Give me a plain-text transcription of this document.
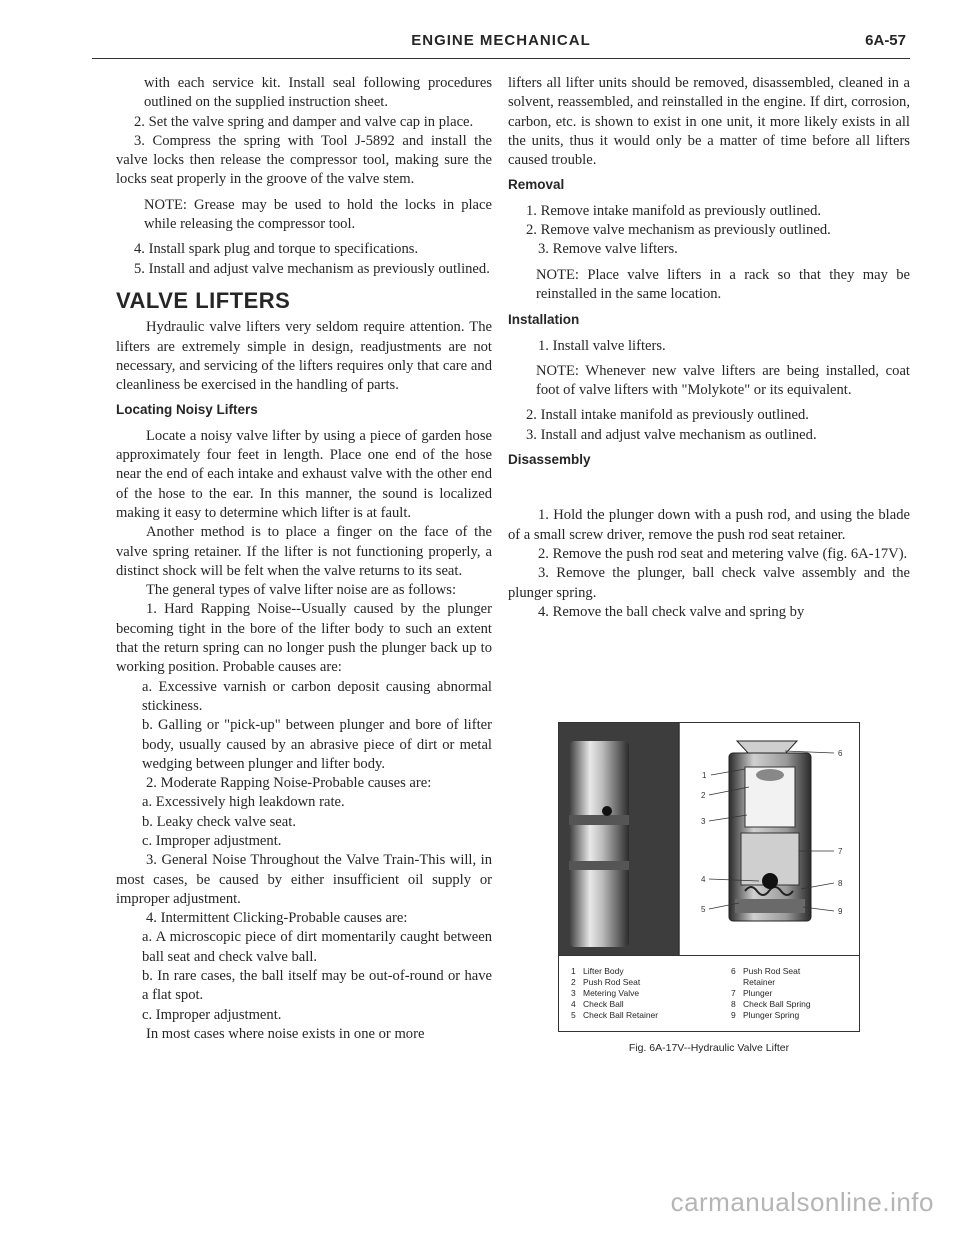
ENGINE MECHANICAL	6A-57

with each service kit. Install seal following procedures outlined on the supplied instruction sheet.

2. Set the valve spring and damper and valve cap in place.

3. Compress the spring with Tool J-5892 and install the valve locks then release the compressor tool, making sure the locks seat properly in the groove of the valve stem.

NOTE: Grease may be used to hold the locks in place while releasing the compressor tool.

4. Install spark plug and torque to specifications.

5. Install and adjust valve mechanism as previously outlined.

VALVE LIFTERS

Hydraulic valve lifters very seldom require attention. The lifters are extremely simple in design, readjustments are not necessary, and servicing of the lifters requires only that care and cleanliness be exercised in the handling of parts.

Locating Noisy Lifters

Locate a noisy valve lifter by using a piece of garden hose approximately four feet in length. Place one end of the hose near the end of each intake and exhaust valve with the other end of the hose to the ear. In this manner, the sound is localized making it easy to determine which lifter is at fault.

Another method is to place a finger on the face of the valve spring retainer. If the lifter is not functioning properly, a distinct shock will be felt when the valve returns to its seat.

The general types of valve lifter noise are as follows:

1. Hard Rapping Noise--Usually caused by the plunger becoming tight in the bore of the lifter body to such an extent that the return spring can no longer push the plunger back up to working position. Probable causes are:

a. Excessive varnish or carbon deposit causing abnormal stickiness.

b. Galling or "pick-up" between plunger and bore of lifter body, usually caused by an abrasive piece of dirt or metal wedging between plunger and lifter body.

2. Moderate Rapping Noise-Probable causes are:

a. Excessively high leakdown rate.

b. Leaky check valve seat.

c. Improper adjustment.

3. General Noise Throughout the Valve Train-This will, in most cases, be caused by either insufficient oil supply or improper adjustment.

4. Intermittent Clicking-Probable causes are:

a. A microscopic piece of dirt momentarily caught between ball seat and check valve ball.

b. In rare cases, the ball itself may be out-of-round or have a flat spot.

c. Improper adjustment.

In most cases where noise exists in one or more

lifters all lifter units should be removed, disassembled, cleaned in a solvent, reassembled, and reinstalled in the engine. If dirt, corrosion, carbon, etc. is shown to exist in one unit, it more likely exists in all the units, thus it would only be a matter of time before all lifters caused trouble.

Removal

1. Remove intake manifold as previously outlined.

2. Remove valve mechanism as previously outlined.

3. Remove valve lifters.

NOTE: Place valve lifters in a rack so that they may be reinstalled in the same location.

Installation

1. Install valve lifters.

NOTE: Whenever new valve lifters are being installed, coat foot of valve lifters with "Molykote" or its equivalent.

2. Install intake manifold as previously outlined.

3. Install and adjust valve mechanism as outlined.

Disassembly

1. Hold the plunger down with a push rod, and using the blade of a small screw driver, remove the push rod seat retainer.

2. Remove the push rod seat and metering valve (fig. 6A-17V).

3. Remove the plunger, ball check valve assembly and the plunger spring.

4. Remove the ball check valve and spring by

1
2
3
4
5
6
7
8
9
1 Lifter Body
2 Push Rod Seat
3 Metering Valve
4 Check Ball
5 Check Ball Retainer
6 Push Rod Seat
Retainer
7 Plunger
8 Check Ball Spring
9 Plunger Spring
Fig. 6A-17V--Hydraulic Valve Lifter
carmanualsonline.info
